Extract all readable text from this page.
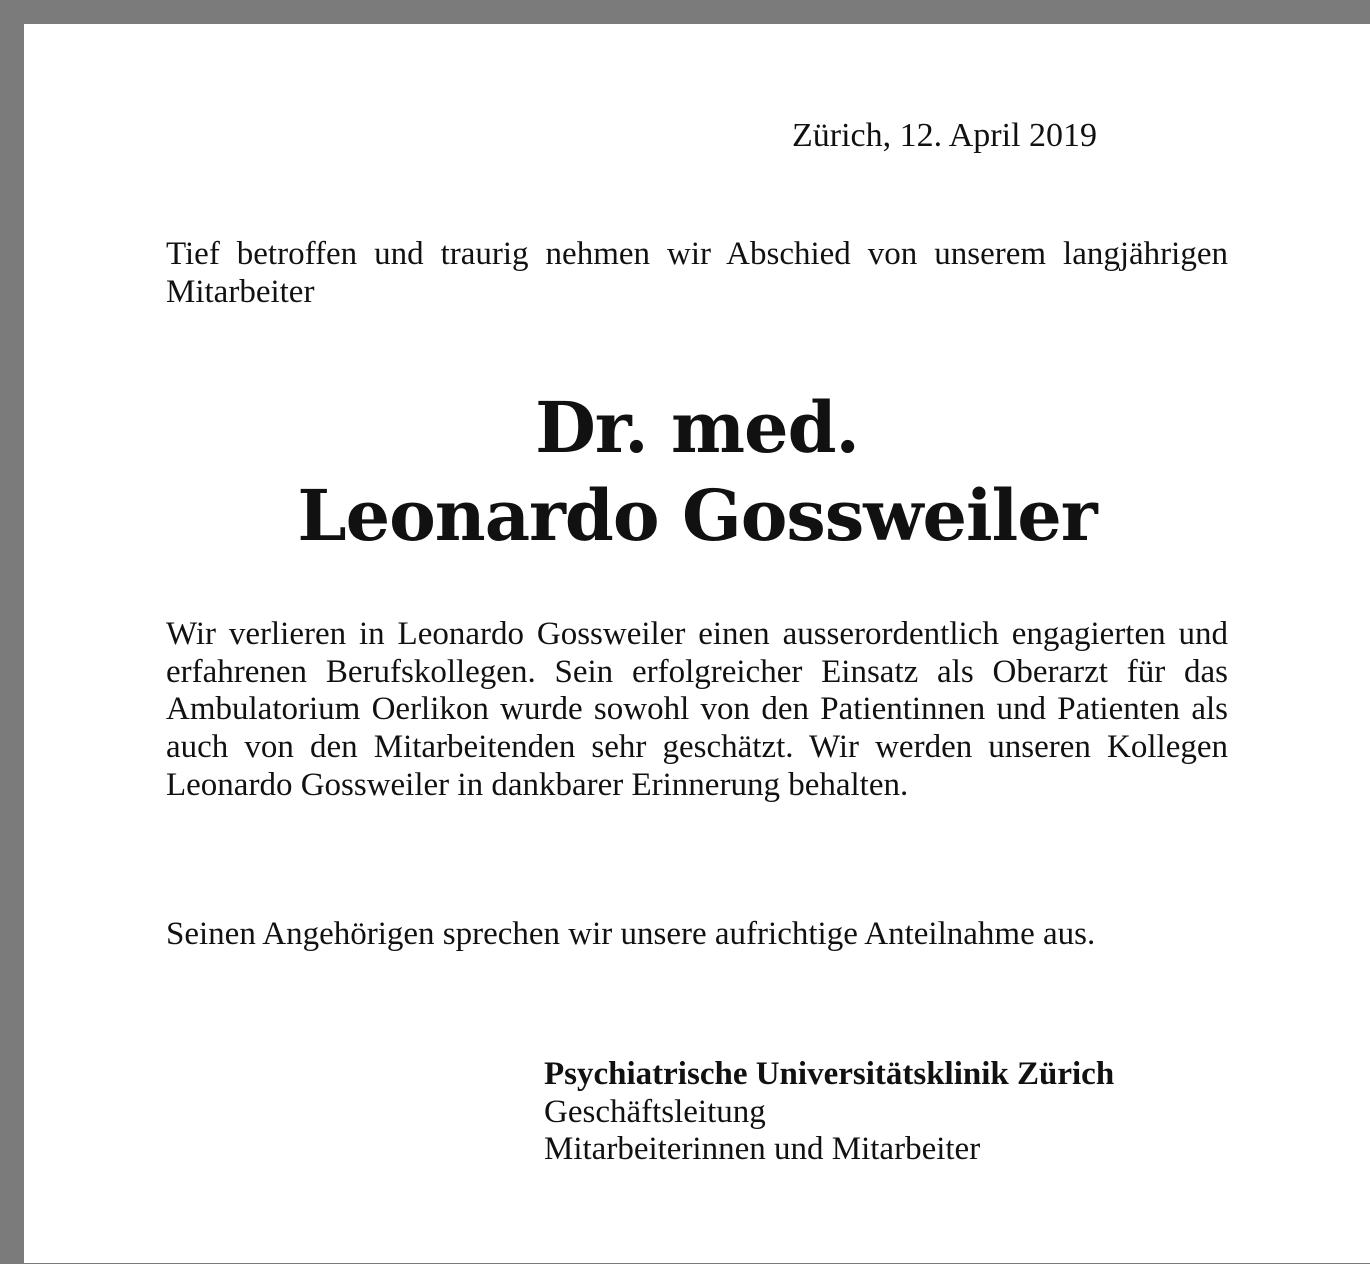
Zürich, 12. April 2019
Tief betroffen und traurig nehmen wir Abschied von unserem langjährigen Mitarbeiter
Dr. med.
Leonardo Gossweiler
Wir verlieren in Leonardo Gossweiler einen ausserordentlich engagierten und erfahrenen Berufskollegen. Sein erfolgreicher Einsatz als Oberarzt für das Ambulatorium Oerlikon wurde sowohl von den Patientinnen und Patienten als auch von den Mitarbeitenden sehr geschätzt. Wir werden unseren Kollegen Leonardo Gossweiler in dankbarer Erinnerung behalten.
Seinen Angehörigen sprechen wir unsere aufrichtige Anteilnahme aus.
Psychiatrische Universitätsklinik Zürich
Geschäftsleitung
Mitarbeiterinnen und Mitarbeiter
